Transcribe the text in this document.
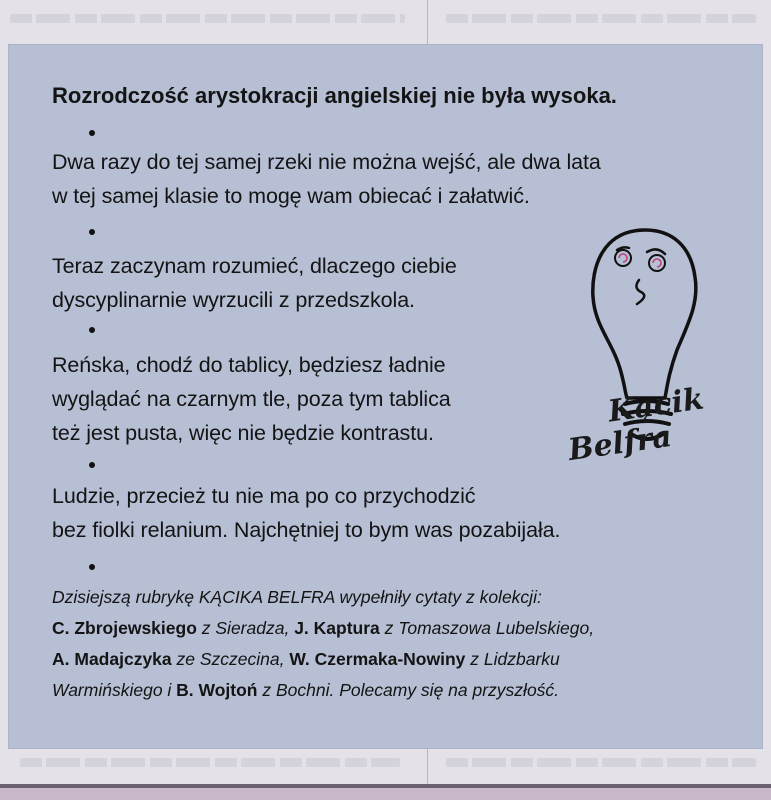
Rozrodczość arystokracji angielskiej nie była wysoka.
Dwa razy do tej samej rzeki nie można wejść, ale dwa lata
w tej samej klasie to mogę wam obiecać i załatwić.
Teraz zaczynam rozumieć, dlaczego ciebie
dyscyplinarnie wyrzucili z przedszkola.
Reńska, chodź do tablicy, będziesz ładnie
wyglądać na czarnym tle, poza tym tablica
też jest pusta, więc nie będzie kontrastu.
Ludzie, przecież tu nie ma po co przychodzić
bez fiolki relanium. Najchętniej to bym was pozabijała.
Dzisiejszą rubrykę KĄCIKA BELFRA wypełniły cytaty z kolekcji:
C. Zbrojewskiego z Sieradza, J. Kaptura z Tomaszowa Lubelskiego,
A. Madajczyka ze Szczecina, W. Czermaka-Nowiny z Lidzbarku
Warmińskiego i B. Wojtoń z Bochni. Polecamy się na przyszłość.
Kącik
Belfra
